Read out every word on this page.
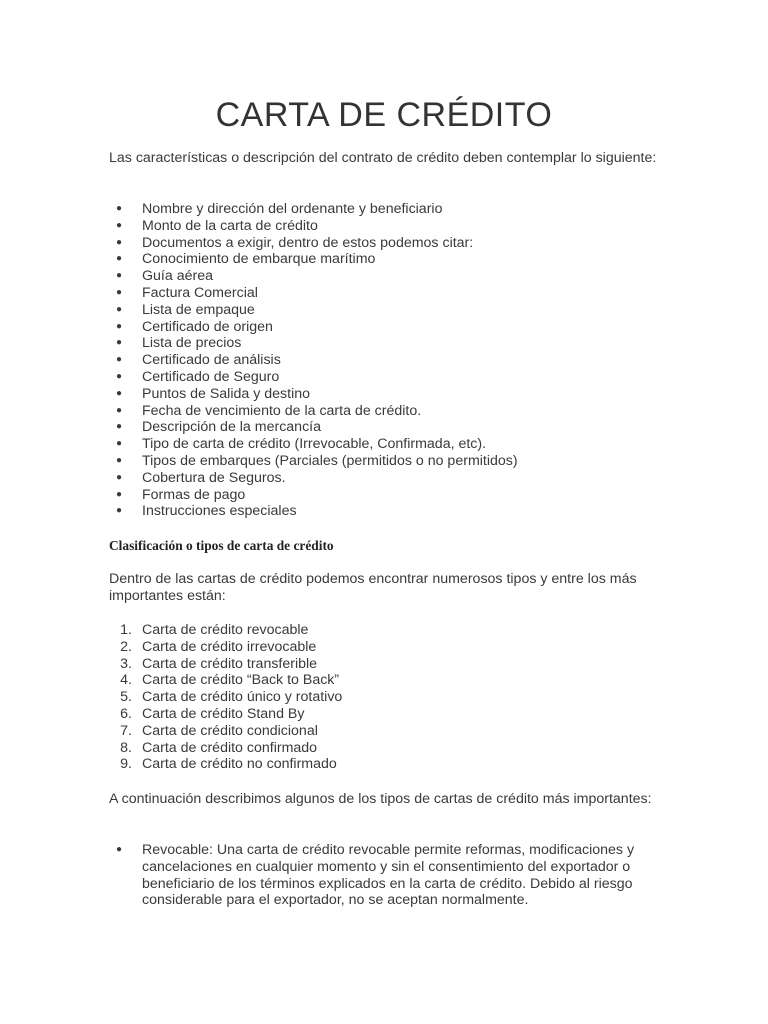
CARTA DE CRÉDITO

Las características o descripción del contrato de crédito deben contemplar lo siguiente:

● Nombre y dirección del ordenante y beneficiario
● Monto de la carta de crédito
● Documentos a exigir, dentro de estos podemos citar:
● Conocimiento de embarque marítimo
● Guía aérea
● Factura Comercial
● Lista de empaque
● Certificado de origen
● Lista de precios
● Certificado de análisis
● Certificado de Seguro
● Puntos de Salida y destino
● Fecha de vencimiento de la carta de crédito.
● Descripción de la mercancía
● Tipo de carta de crédito (Irrevocable, Confirmada, etc).
● Tipos de embarques (Parciales (permitidos o no permitidos)
● Cobertura de Seguros.
● Formas de pago
● Instrucciones especiales
Clasificación o tipos de carta de crédito

Dentro de las cartas de crédito podemos encontrar numerosos tipos y entre los más importantes están:

1. Carta de crédito revocable
2. Carta de crédito irrevocable
3. Carta de crédito transferible
4. Carta de crédito “Back to Back”
5. Carta de crédito único y rotativo
6. Carta de crédito Stand By
7. Carta de crédito condicional
8. Carta de crédito confirmado
9. Carta de crédito no confirmado

A continuación describimos algunos de los tipos de cartas de crédito más importantes:

● Revocable: Una carta de crédito revocable permite reformas, modificaciones y cancelaciones en cualquier momento y sin el consentimiento del exportador o beneficiario de los términos explicados en la carta de crédito. Debido al riesgo considerable para el exportador, no se aceptan normalmente.
